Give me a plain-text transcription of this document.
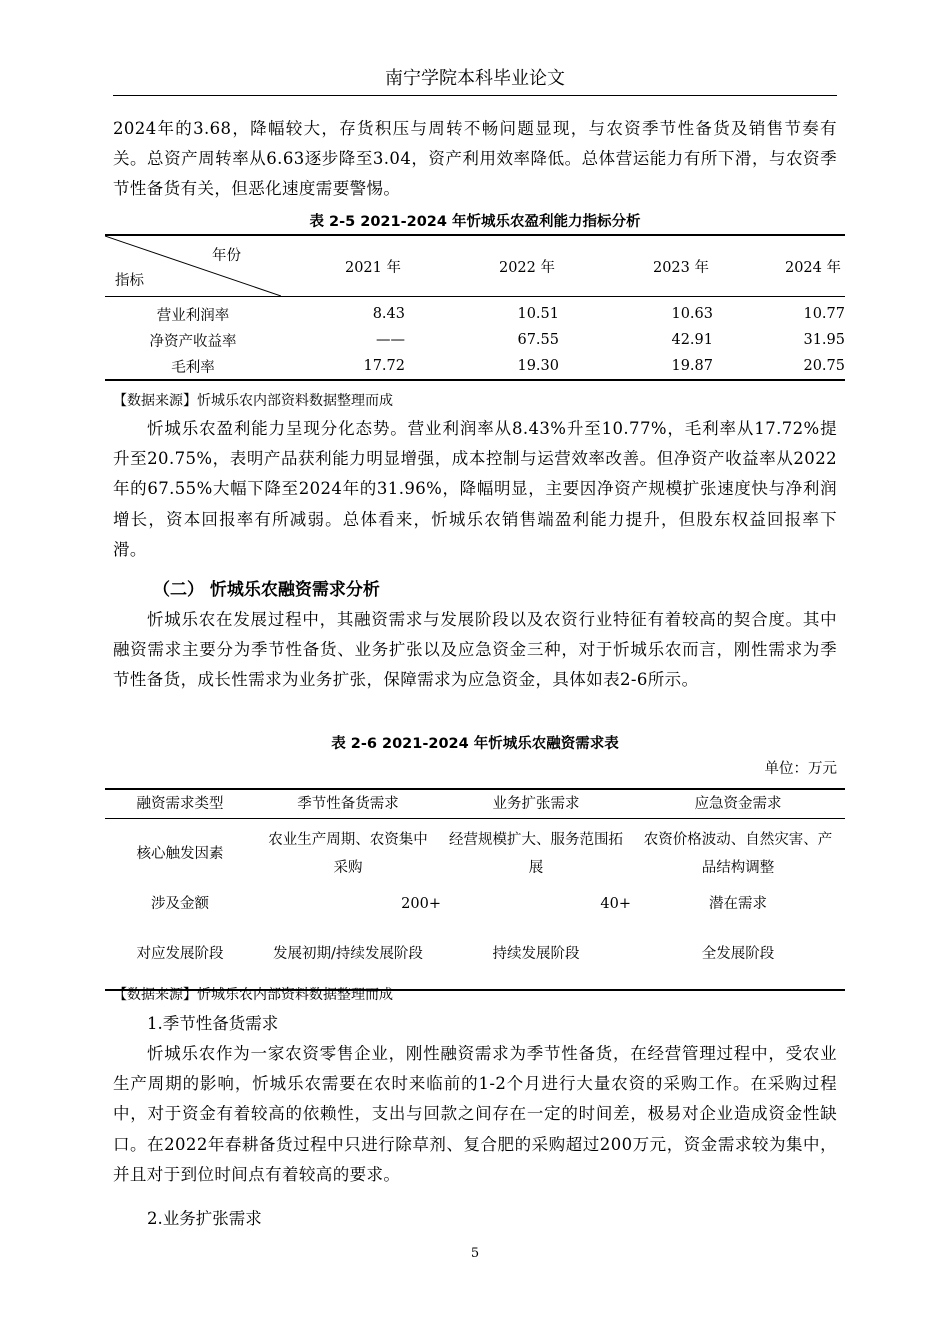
南宁学院本科毕业论文

2024年的3.68，降幅较大，存货积压与周转不畅问题显现，与农资季节性备货及销售节奏有关。总资产周转率从6.63逐步降至3.04，资产利用效率降低。总体营运能力有所下滑，与农资季节性备货有关，但恶化速度需要警惕。

表 2-5 2021-2024 年忻城乐农盈利能力指标分析
年份
指标	2021 年	2022 年	2023 年	2024 年
营业利润率	8.43	10.51	10.63	10.77
净资产收益率	——	67.55	42.91	31.95
毛利率	17.72	19.30	19.87	20.75
【数据来源】忻城乐农内部资料数据整理而成

忻城乐农盈利能力呈现分化态势。营业利润率从8.43%升至10.77%，毛利率从17.72%提升至20.75%，表明产品获利能力明显增强，成本控制与运营效率改善。但净资产收益率从2022年的67.55%大幅下降至2024年的31.96%，降幅明显，主要因净资产规模扩张速度快与净利润增长，资本回报率有所减弱。总体看来，忻城乐农销售端盈利能力提升，但股东权益回报率下滑。

（二） 忻城乐农融资需求分析

忻城乐农在发展过程中，其融资需求与发展阶段以及农资行业特征有着较高的契合度。其中融资需求主要分为季节性备货、业务扩张以及应急资金三种，对于忻城乐农而言，刚性需求为季节性备货，成长性需求为业务扩张，保障需求为应急资金，具体如表2-6所示。

表 2-6 2021-2024 年忻城乐农融资需求表
单位：万元
融资需求类型	季节性备货需求	业务扩张需求	应急资金需求
核心触发因素	农业生产周期、农资集中采购	经营规模扩大、服务范围拓展	农资价格波动、自然灾害、产品结构调整
涉及金额	200+	40+	潜在需求
对应发展阶段	发展初期/持续发展阶段	持续发展阶段	全发展阶段
【数据来源】忻城乐农内部资料数据整理而成
1.季节性备货需求

忻城乐农作为一家农资零售企业，刚性融资需求为季节性备货，在经营管理过程中，受农业生产周期的影响，忻城乐农需要在农时来临前的1-2个月进行大量农资的采购工作。在采购过程中，对于资金有着较高的依赖性，支出与回款之间存在一定的时间差，极易对企业造成资金性缺口。在2022年春耕备货过程中只进行除草剂、复合肥的采购超过200万元，资金需求较为集中，并且对于到位时间点有着较高的要求。

2.业务扩张需求
5
